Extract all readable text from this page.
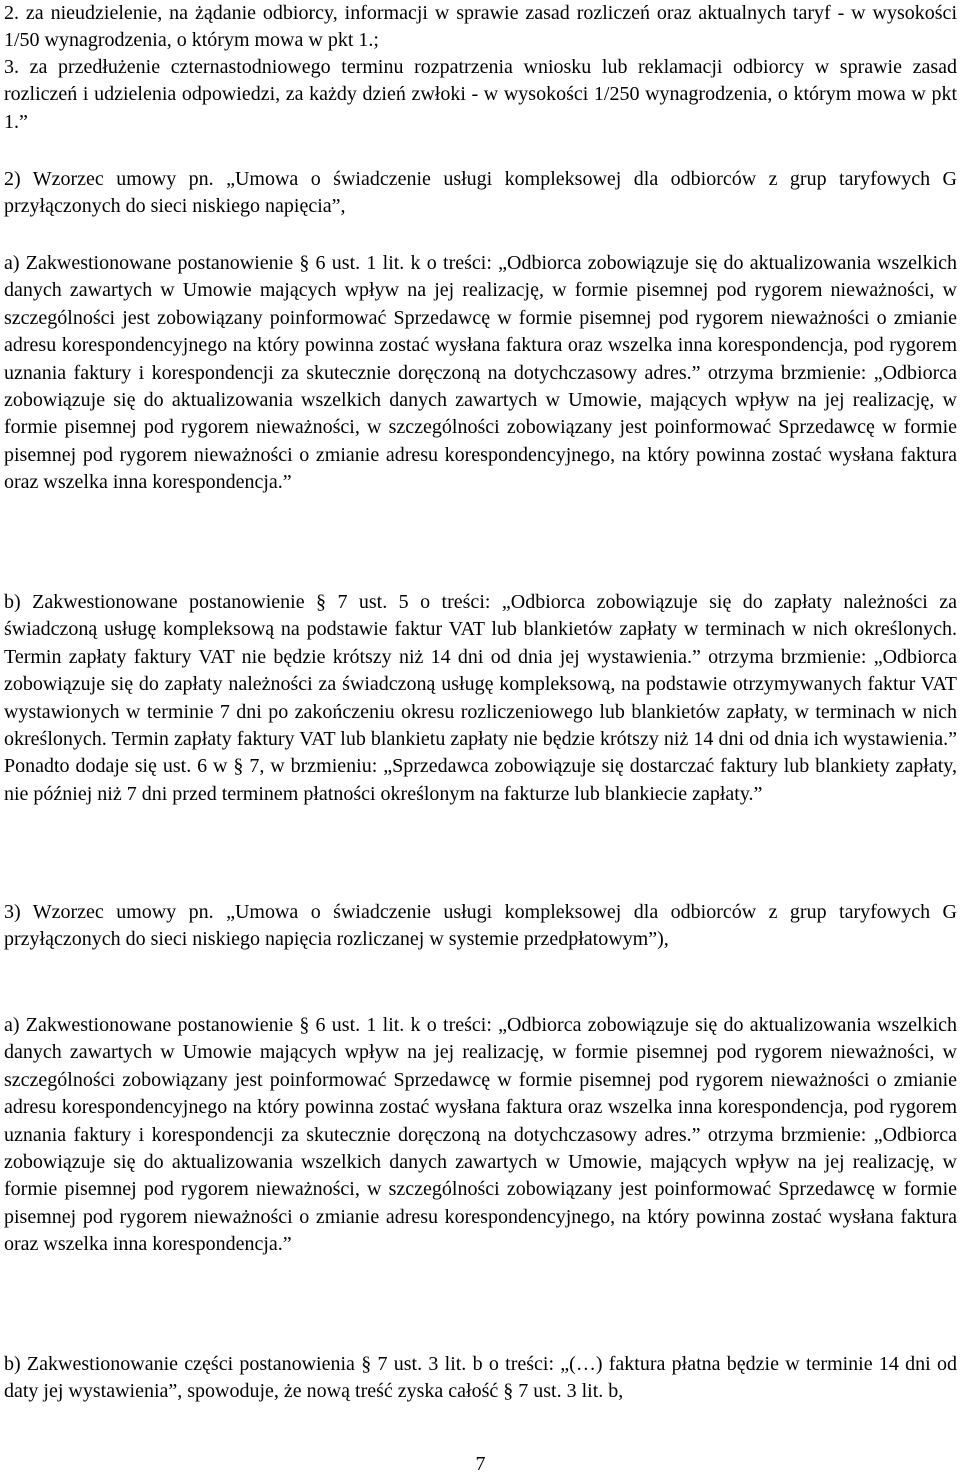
2. za nieudzielenie, na żądanie odbiorcy, informacji w sprawie zasad rozliczeń oraz aktualnych taryf - w wysokości 1/50 wynagrodzenia, o którym mowa w pkt 1.;

3. za przedłużenie czternastodniowego terminu rozpatrzenia wniosku lub reklamacji odbiorcy w sprawie zasad rozliczeń i udzielenia odpowiedzi, za każdy dzień zwłoki - w wysokości 1/250 wynagrodzenia, o którym mowa w pkt 1.”

2) Wzorzec umowy pn. „Umowa o świadczenie usługi kompleksowej dla odbiorców z grup taryfowych G przyłączonych do sieci niskiego napięcia”,

a) Zakwestionowane postanowienie § 6 ust. 1 lit. k o treści: „Odbiorca zobowiązuje się do aktualizowania wszelkich danych zawartych w Umowie mających wpływ na jej realizację, w formie pisemnej pod rygorem nieważności, w szczególności jest zobowiązany poinformować Sprzedawcę w formie pisemnej pod rygorem nieważności o zmianie adresu korespondencyjnego na który powinna zostać wysłana faktura oraz wszelka inna korespondencja, pod rygorem uznania faktury i korespondencji za skutecznie doręczoną na dotychczasowy adres.” otrzyma brzmienie: „Odbiorca zobowiązuje się do aktualizowania wszelkich danych zawartych w Umowie, mających wpływ na jej realizację, w formie pisemnej pod rygorem nieważności, w szczególności zobowiązany jest poinformować Sprzedawcę w formie pisemnej pod rygorem nieważności o zmianie adresu korespondencyjnego, na który powinna zostać wysłana faktura oraz wszelka inna korespondencja.”

b) Zakwestionowane postanowienie § 7 ust. 5 o treści: „Odbiorca zobowiązuje się do zapłaty należności za świadczoną usługę kompleksową na podstawie faktur VAT lub blankietów zapłaty w terminach w nich określonych. Termin zapłaty faktury VAT nie będzie krótszy niż 14 dni od dnia jej wystawienia.” otrzyma brzmienie: „Odbiorca zobowiązuje się do zapłaty należności za świadczoną usługę kompleksową, na podstawie otrzymywanych faktur VAT wystawionych w terminie 7 dni po zakończeniu okresu rozliczeniowego lub blankietów zapłaty, w terminach w nich określonych. Termin zapłaty faktury VAT lub blankietu zapłaty nie będzie krótszy niż 14 dni od dnia ich wystawienia.” Ponadto dodaje się ust. 6 w § 7, w brzmieniu: „Sprzedawca zobowiązuje się dostarczać faktury lub blankiety zapłaty, nie później niż 7 dni przed terminem płatności określonym na fakturze lub blankiecie zapłaty.”

3) Wzorzec umowy pn. „Umowa o świadczenie usługi kompleksowej dla odbiorców z grup taryfowych G przyłączonych do sieci niskiego napięcia rozliczanej w systemie przedpłatowym”),

a) Zakwestionowane postanowienie § 6 ust. 1 lit. k o treści: „Odbiorca zobowiązuje się do aktualizowania wszelkich danych zawartych w Umowie mających wpływ na jej realizację, w formie pisemnej pod rygorem nieważności, w szczególności zobowiązany jest poinformować Sprzedawcę w formie pisemnej pod rygorem nieważności o zmianie adresu korespondencyjnego na który powinna zostać wysłana faktura oraz wszelka inna korespondencja, pod rygorem uznania faktury i korespondencji za skutecznie doręczoną na dotychczasowy adres.” otrzyma brzmienie: „Odbiorca zobowiązuje się do aktualizowania wszelkich danych zawartych w Umowie, mających wpływ na jej realizację, w formie pisemnej pod rygorem nieważności, w szczególności zobowiązany jest poinformować Sprzedawcę w formie pisemnej pod rygorem nieważności o zmianie adresu korespondencyjnego, na który powinna zostać wysłana faktura oraz wszelka inna korespondencja.”

b) Zakwestionowanie części postanowienia § 7 ust. 3 lit. b o treści: „(…) faktura płatna będzie w terminie 14 dni od daty jej wystawienia”, spowoduje, że nową treść zyska całość § 7 ust. 3 lit. b,

7
